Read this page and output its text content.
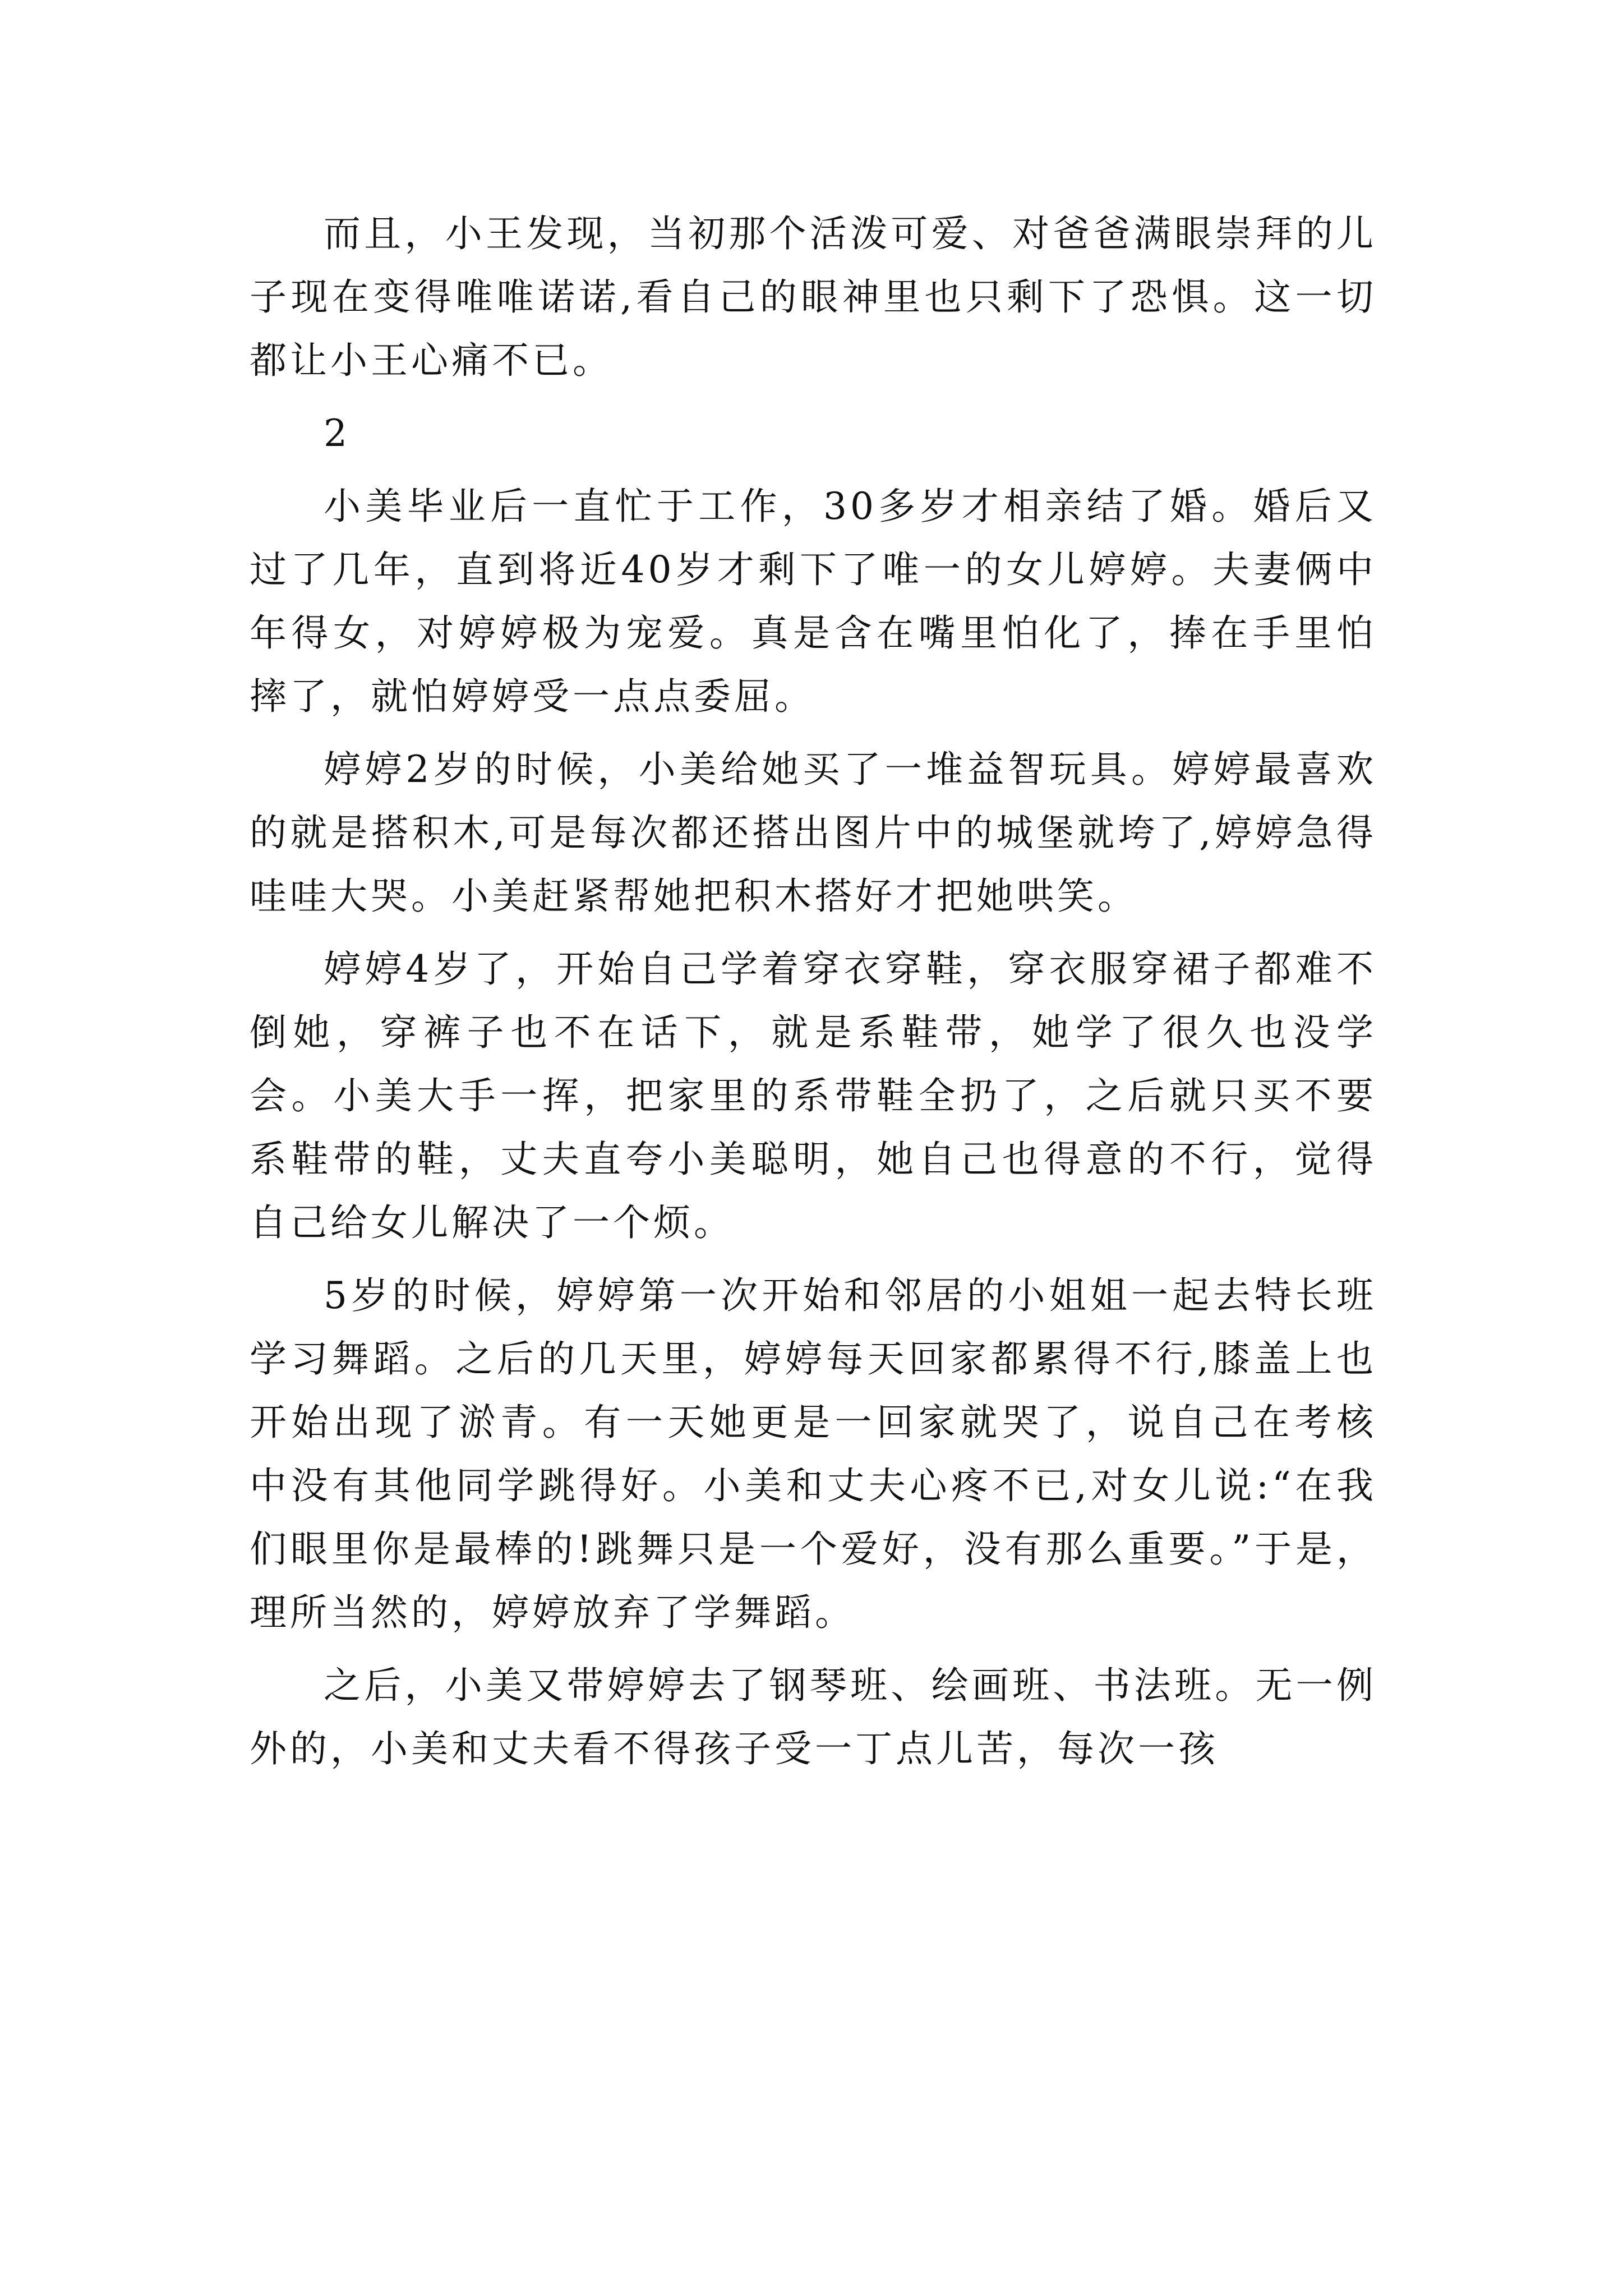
而且，小王发现，当初那个活泼可爱、对爸爸满眼崇拜的儿子现在变得唯唯诺诺,看自己的眼神里也只剩下了恐惧。这一切都让小王心痛不已。

2

小美毕业后一直忙于工作，30多岁才相亲结了婚。婚后又过了几年，直到将近40岁才剩下了唯一的女儿婷婷。夫妻俩中年得女，对婷婷极为宠爱。真是含在嘴里怕化了，捧在手里怕摔了，就怕婷婷受一点点委屈。

婷婷2岁的时候，小美给她买了一堆益智玩具。婷婷最喜欢的就是搭积木,可是每次都还搭出图片中的城堡就垮了,婷婷急得哇哇大哭。小美赶紧帮她把积木搭好才把她哄笑。

婷婷4岁了，开始自己学着穿衣穿鞋，穿衣服穿裙子都难不倒她，穿裤子也不在话下，就是系鞋带，她学了很久也没学会。小美大手一挥，把家里的系带鞋全扔了，之后就只买不要系鞋带的鞋，丈夫直夸小美聪明，她自己也得意的不行，觉得自己给女儿解决了一个烦。

5岁的时候，婷婷第一次开始和邻居的小姐姐一起去特长班学习舞蹈。之后的几天里，婷婷每天回家都累得不行,膝盖上也开始出现了淤青。有一天她更是一回家就哭了，说自己在考核中没有其他同学跳得好。小美和丈夫心疼不已,对女儿说:“在我们眼里你是最棒的!跳舞只是一个爱好，没有那么重要。”于是，理所当然的，婷婷放弃了学舞蹈。

之后，小美又带婷婷去了钢琴班、绘画班、书法班。无一例外的，小美和丈夫看不得孩子受一丁点儿苦，每次一孩
